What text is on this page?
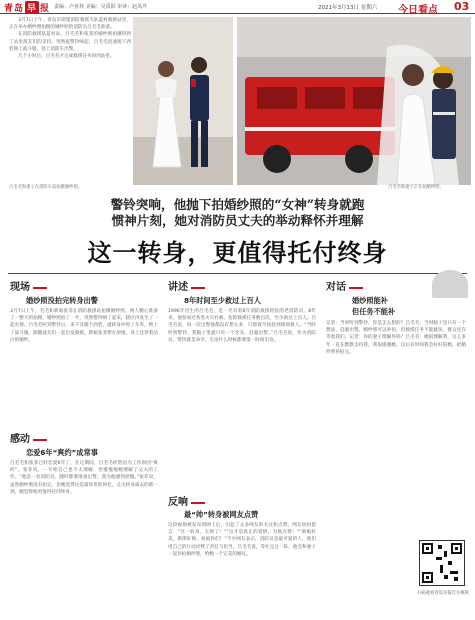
青岛 早 报 责编：卢亚林 美编：吴禹阳 审读：赵凤芹	2021年3月13日 星期六 今日看点 03

3月7日上午，青岛市即墨消防救援大队蓝村救援站里，正在举办婚纱照拍摄的婚纱照的消防员吕毛毛准备。

在消防救援队蓝村站，吕毛毛和张菲的婚纱照拍摄得到了站里战友们的支持。突然报警铃响起，吕毛毛迅速脱下西装换上战斗服，登上消防车出警。

几个小时后，吕毛毛才完成救援任务回到站里。

吕毛毛和妻子在消防车前拍摄婚纱照。	吕毛毛和妻子正在拍婚纱照。
警铃突响，他抛下拍婚纱照的“女神”转身就跑
惯神片刻，她对消防员丈夫的举动释怀并理解
这一转身，更值得托付终身
现场
婚纱照没拍完转身出警

3月7日上午，毛毛和新娘张菲在消防救援站拍摄婚纱照。两人精心准备了一整天的拍摄，婚纱照拍了一半，突然警铃响了起来，辖区内发生了一起火情。吕毛毛听到警铃后，来不及脱下西装，就转身冲进了车库，换上了战斗服，跟随战友们一起出发救援。新娘张菲愣在原地，身上还穿着洁白的婚纱。

感动
恋爱6年“爽约”成常事

吕毛毛和张菲已经恋爱6年了，在这期间，吕毛毛经常因为工作原因“爽约”。张菲说，一开始自己也不太理解，但慢慢地她理解了丈夫的工作。“他是一名消防员，随时都要准备出警，我为他感到骄傲。”张菲说，虽然婚纱照没有拍完，但她觉得这是最珍贵的回忆，丈夫转身离去的那一刻，她觉得他更值得托付终身。

讲述
8年时间至少救过上百人

1996年出生的吕毛毛，是一名有着8年消防救援经验的老消防员。8年来，他参加过各类火灾扑救、抢险救援任务数百次，至少救过上百人。吕毛毛说，每一次出警他都没有想太多，只想着尽快赶到现场救人。“当时听到警铃，我脑子里就只有一个念头，赶紧出警。”吕毛毛说，作为消防员，警铃就是命令，无论什么时候都要第一时间出发。

反响
最“帅”转身被网友点赞

这段视频被发布到网上后，引起了众多网友的关注和点赞。网友纷纷留言：“这一转身，太帅了！”“这才是真正的爱情，为他点赞！”“新娘好美，新郎好帅，祝福你们！”不少网友表示，消防员是最可爱的人，他们用自己的行动诠释了责任与担当。吕毛毛说，等忙完这一阵，他会和妻子一起补拍婚纱照，给她一个完美的婚礼。

对话
婚纱照能补
但任务不能补

记者：当时听到警铃，你是怎么想的？吕毛毛：当时脑子里只有一个想法，赶紧出警。婚纱照可以补拍，但救援任务不能耽误，群众还在等着我们。记者：你的妻子理解你吗？吕毛毛：她很理解我，这么多年一直在默默支持我，我很感激她。以后有时间我会好好陪她，把婚纱照补拍完。

扫码观看青岛早报官方视频
